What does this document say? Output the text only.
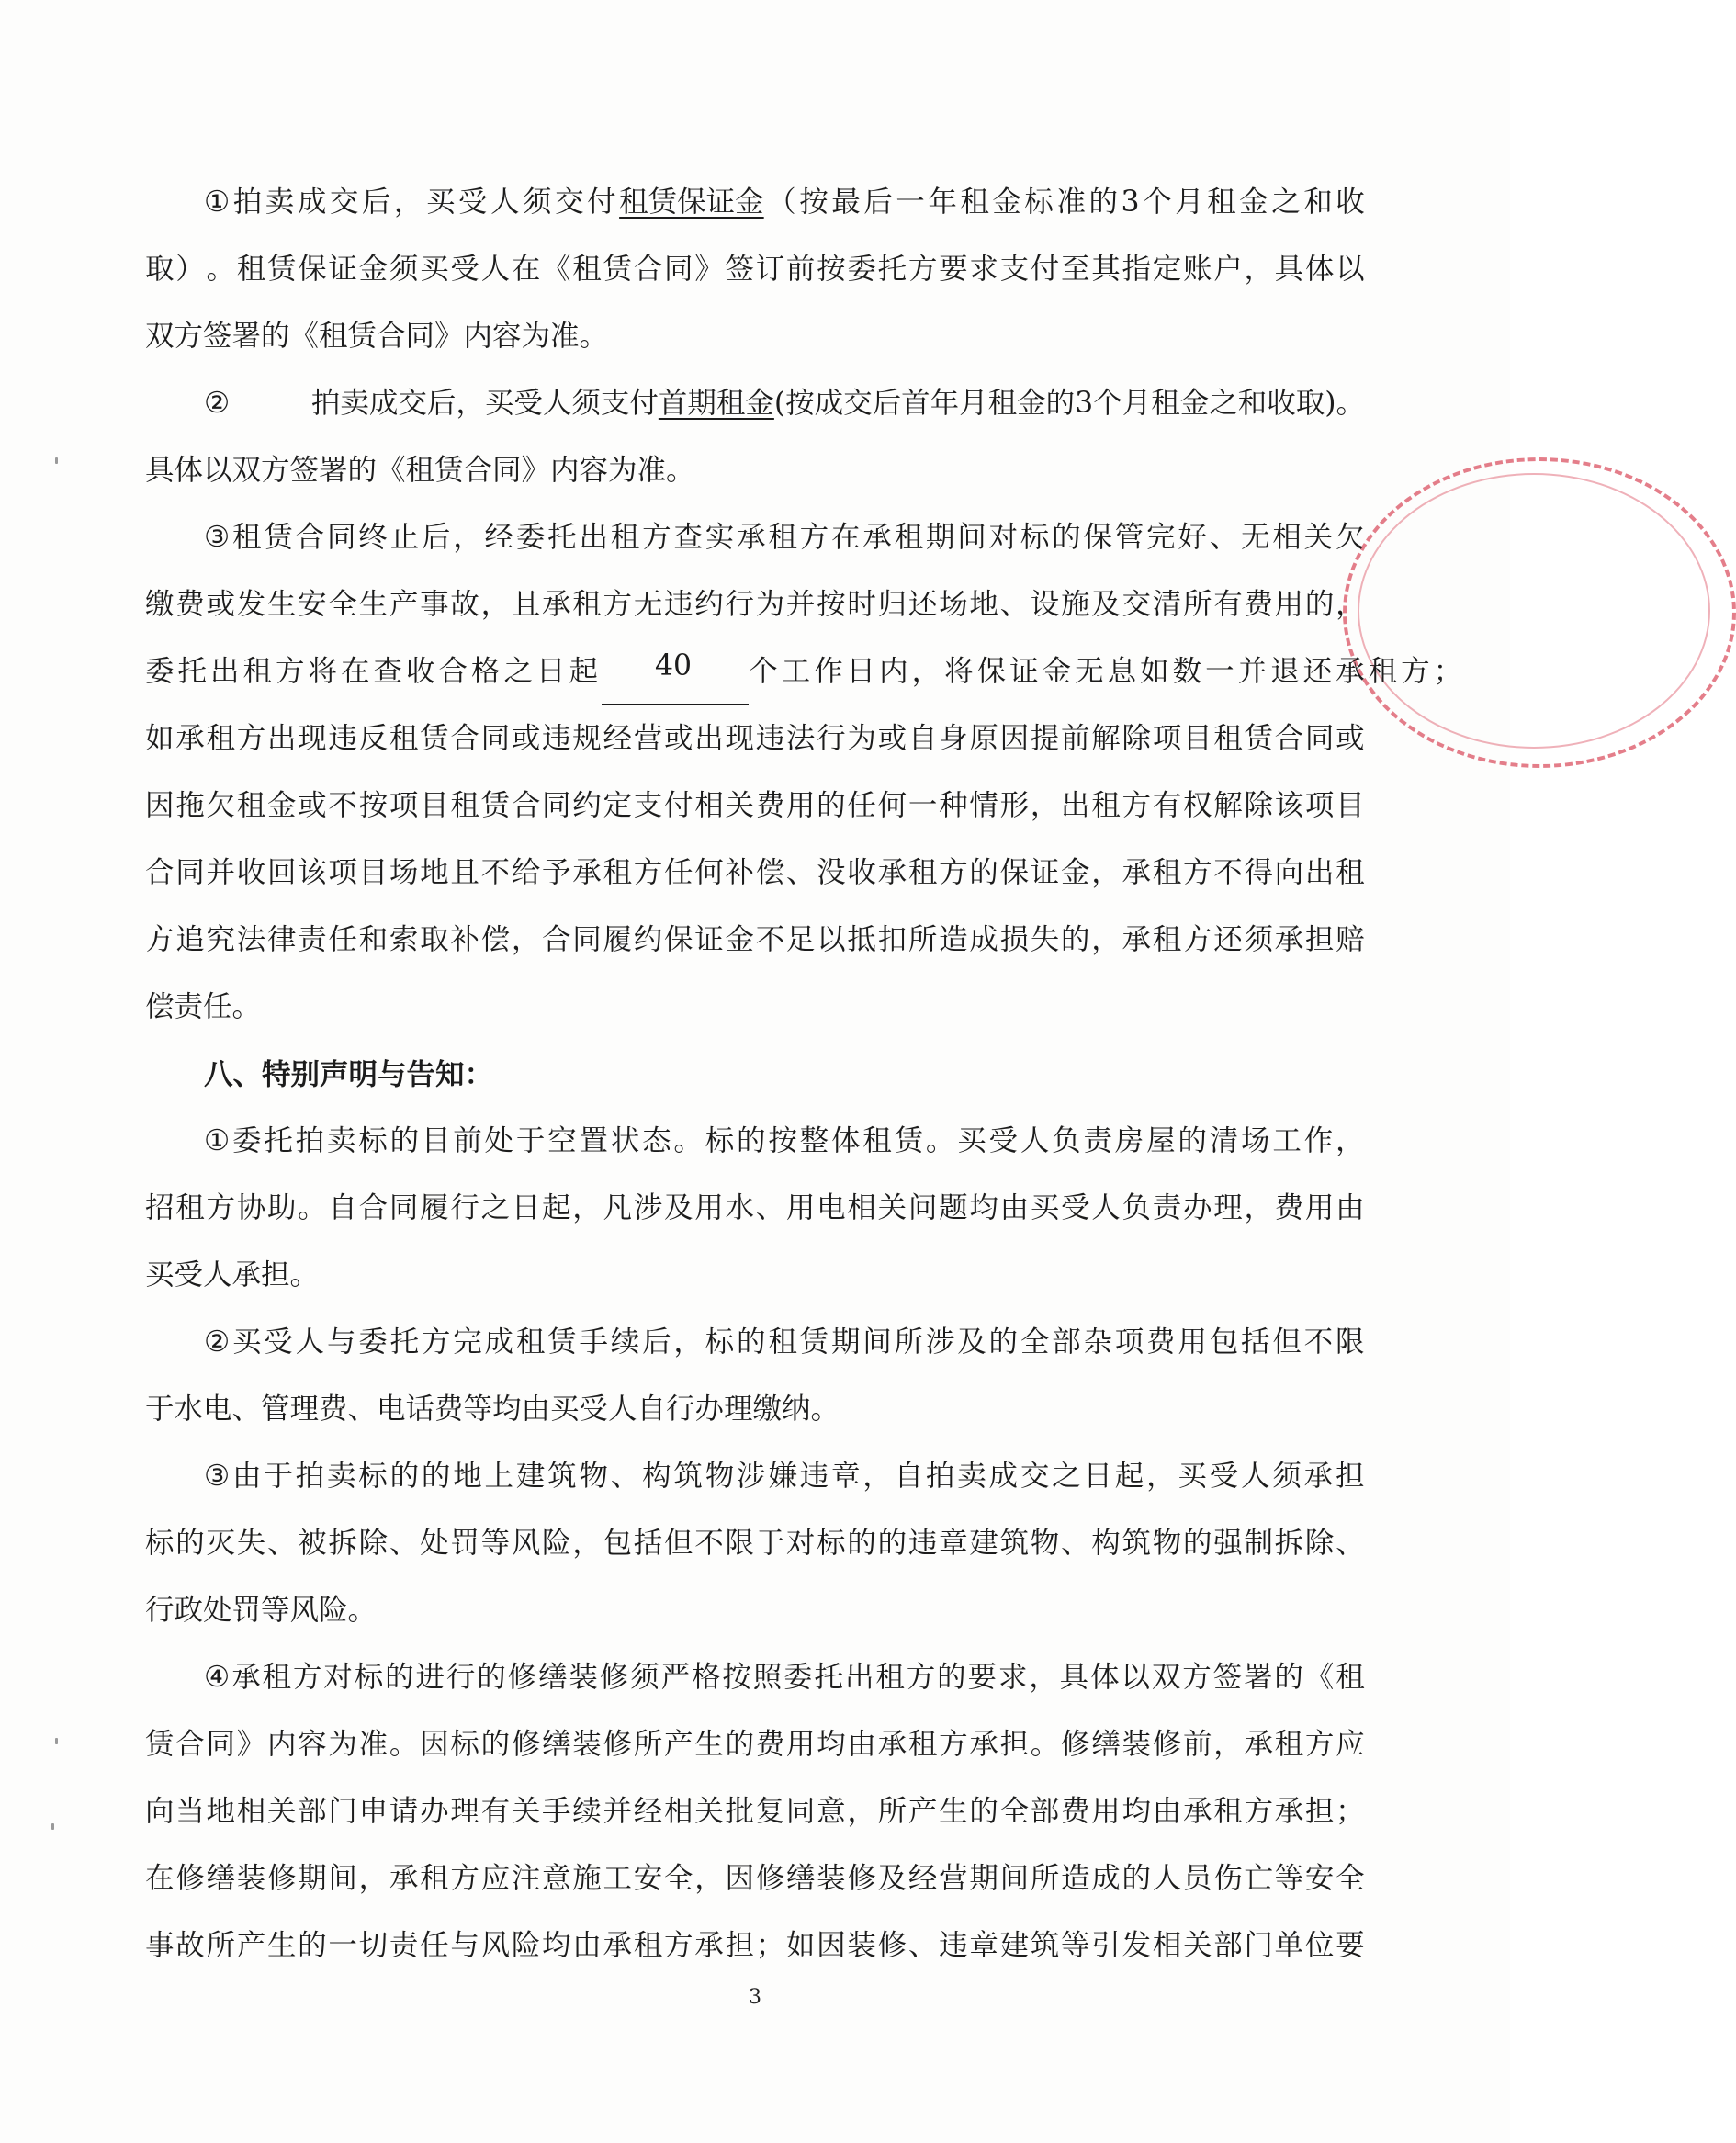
① 拍 卖 成 交 后 ， 买 受 人 须 交 付 租赁保证金 （ 按 最 后 一 年 租 金 标 准 的 3 个 月 租 金 之 和 收
取 ） 。 租 赁 保 证 金 须 买 受 人 在 《 租 赁 合 同 》 签 订 前 按 委 托 方 要 求 支 付 至 其 指 定 账 户 ， 具 体 以
双方签署的《租赁合同》内容为准。
②	拍卖成交后，买受人须支付首期租金(按成交后首年月租金的3个月租金之和收取)。
具体以双方签署的《租赁合同》内容为准。
③ 租 赁 合 同 终 止 后 ， 经 委 托 出 租 方 查 实 承 租 方 在 承 租 期 间 对 标 的 保 管 完 好 、 无 相 关 欠
缴 费 或 发 生 安 全 生 产 事 故 ， 且 承 租 方 无 违 约 行 为 并 按 时 归 还 场 地 、 设 施 及 交 清 所 有 费 用 的 ，
委托出租方将在查收合格之日起	40	个工作日内，将保证金无息如数一并退还承租方；
如 承 租 方 出 现 违 反 租 赁 合 同 或 违 规 经 营 或 出 现 违 法 行 为 或 自 身 原 因 提 前 解 除 项 目 租 赁 合 同 或
因 拖 欠 租 金 或 不 按 项 目 租 赁 合 同 约 定 支 付 相 关 费 用 的 任 何 一 种 情 形 ， 出 租 方 有 权 解 除 该 项 目
合 同 并 收 回 该 项 目 场 地 且 不 给 予 承 租 方 任 何 补 偿 、 没 收 承 租 方 的 保 证 金 ， 承 租 方 不 得 向 出 租
方 追 究 法 律 责 任 和 索 取 补 偿 ， 合 同 履 约 保 证 金 不 足 以 抵 扣 所 造 成 损 失 的 ， 承 租 方 还 须 承 担 赔
偿责任。
八、特别声明与告知：
① 委 托 拍 卖 标 的 目 前 处 于 空 置 状 态 。 标 的 按 整 体 租 赁 。 买 受 人 负 责 房 屋 的 清 场 工 作 ，
招 租 方 协 助 。 自 合 同 履 行 之 日 起 ， 凡 涉 及 用 水 、 用 电 相 关 问 题 均 由 买 受 人 负 责 办 理 ， 费 用 由
买受人承担。
② 买 受 人 与 委 托 方 完 成 租 赁 手 续 后 ， 标 的 租 赁 期 间 所 涉 及 的 全 部 杂 项 费 用 包 括 但 不 限
于水电、管理费、电话费等均由买受人自行办理缴纳。
③ 由 于 拍 卖 标 的 的 地 上 建 筑 物 、 构 筑 物 涉 嫌 违 章 ， 自 拍 卖 成 交 之 日 起 ， 买 受 人 须 承 担
标 的 灭 失 、 被 拆 除 、 处 罚 等 风 险 ， 包 括 但 不 限 于 对 标 的 的 违 章 建 筑 物 、 构 筑 物 的 强 制 拆 除 、
行政处罚等风险。
④ 承 租 方 对 标 的 进 行 的 修 缮 装 修 须 严 格 按 照 委 托 出 租 方 的 要 求 ， 具 体 以 双 方 签 署 的 《 租
赁 合 同 》 内 容 为 准 。 因 标 的 修 缮 装 修 所 产 生 的 费 用 均 由 承 租 方 承 担 。 修 缮 装 修 前 ， 承 租 方 应
向 当 地 相 关 部 门 申 请 办 理 有 关 手 续 并 经 相 关 批 复 同 意 ， 所 产 生 的 全 部 费 用 均 由 承 租 方 承 担 ；
在 修 缮 装 修 期 间 ， 承 租 方 应 注 意 施 工 安 全 ， 因 修 缮 装 修 及 经 营 期 间 所 造 成 的 人 员 伤 亡 等 安 全
事 故 所 产 生 的 一 切 责 任 与 风 险 均 由 承 租 方 承 担 ； 如 因 装 修 、 违 章 建 筑 等 引 发 相 关 部 门 单 位 要
3
